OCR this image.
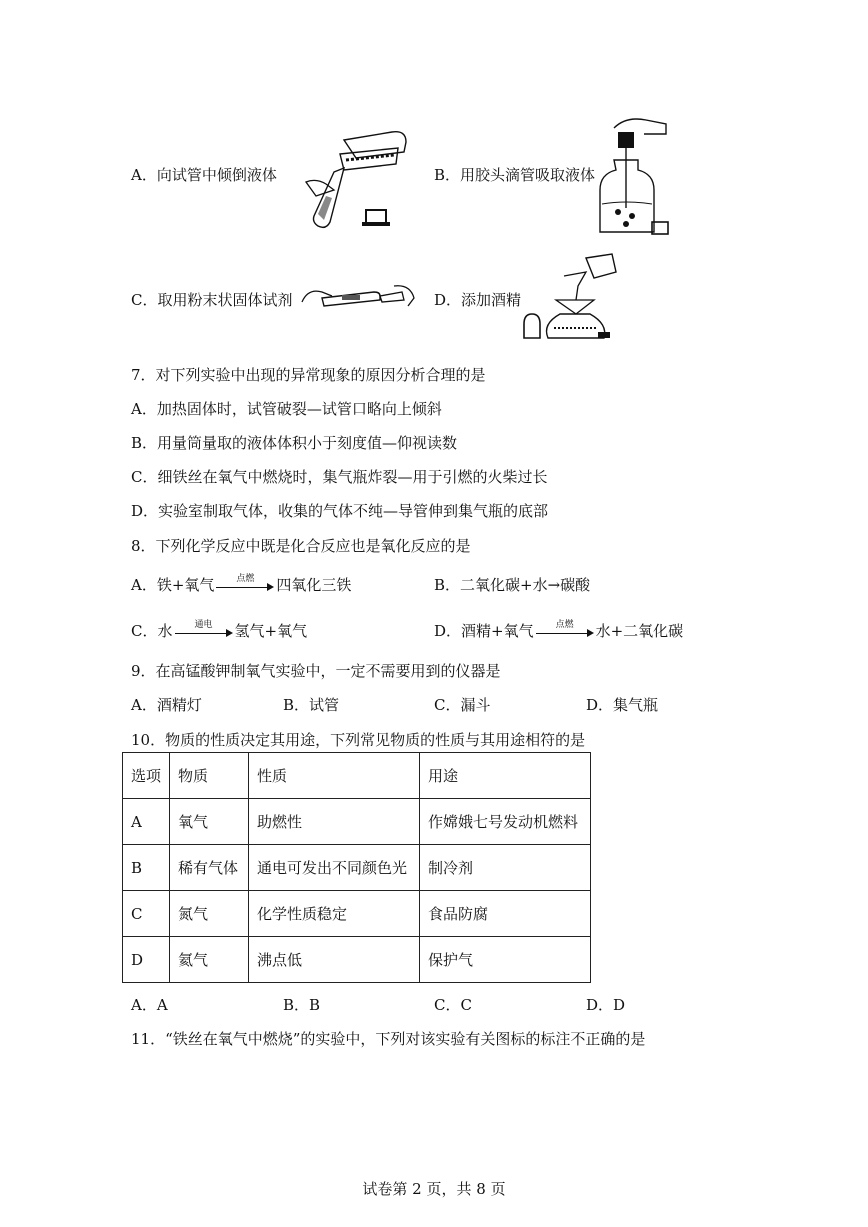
A．向试管中倾倒液体	B．用胶头滴管吸取液体
C．取用粉末状固体试剂	D．添加酒精
7．对下列实验中出现的异常现象的原因分析合理的是
A．加热固体时，试管破裂—试管口略向上倾斜
B．用量筒量取的液体体积小于刻度值—仰视读数
C．细铁丝在氧气中燃烧时，集气瓶炸裂—用于引燃的火柴过长
D．实验室制取气体，收集的气体不纯—导管伸到集气瓶的底部
8．下列化学反应中既是化合反应也是氧化反应的是
A．铁+氧气	点燃	四氧化三铁	B．二氧化碳+水→碳酸
C．水	通电	氢气+氧气	D．酒精+氧气	点燃	水+二氧化碳
9．在高锰酸钾制氧气实验中，一定不需要用到的仪器是
A．酒精灯	B．试管	C．漏斗	D．集气瓶
10．物质的性质决定其用途，下列常见物质的性质与其用途相符的是
选项	物质	性质	用途
A	氧气	助燃性	作嫦娥七号发动机燃料
B	稀有气体	通电可发出不同颜色光	制冷剂
C	氮气	化学性质稳定	食品防腐
D	氦气	沸点低	保护气
A．A	B．B	C．C	D．D
11．“铁丝在氧气中燃烧”的实验中，下列对该实验有关图标的标注不正确的是
试卷第 2 页，共 8 页
